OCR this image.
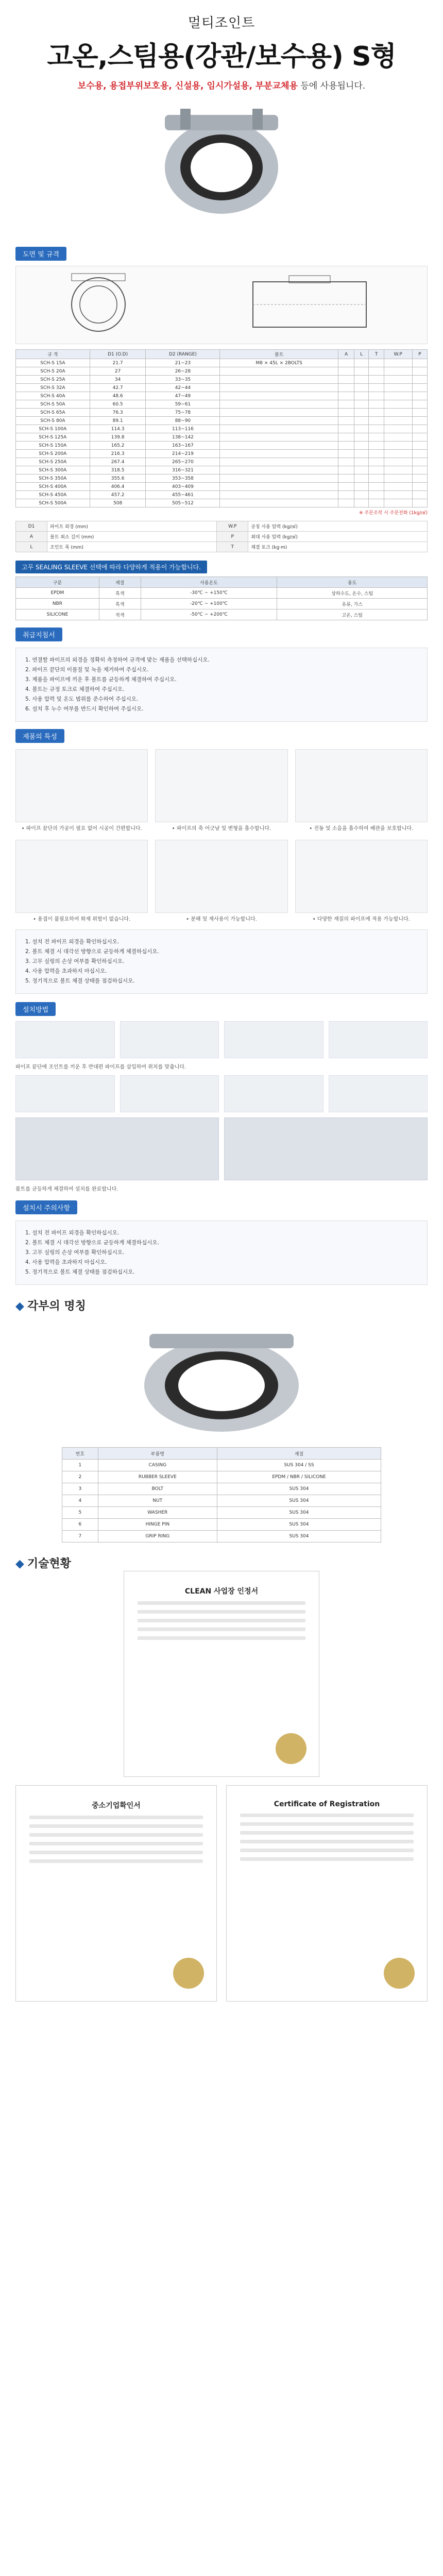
멀티조인트
고온,스팀용(강관/보수용) S형
보수용, 용접부위보호용, 신설용, 임시가설용, 부분교체용 등에 사용됩니다.
도면 및 규격
규 격	D1 (O.D)	D2 (RANGE)	볼트	A	L	T	W.P	P
SCH-S 15A	21.7	21~23	M8 × 45L × 2BOLTS					
SCH-S 20A	27	26~28						
SCH-S 25A	34	33~35						
SCH-S 32A	42.7	42~44						
SCH-S 40A	48.6	47~49						
SCH-S 50A	60.5	59~61						
SCH-S 65A	76.3	75~78						
SCH-S 80A	89.1	88~90						
SCH-S 100A	114.3	113~116						
SCH-S 125A	139.8	138~142						
SCH-S 150A	165.2	163~167						
SCH-S 200A	216.3	214~219						
SCH-S 250A	267.4	265~270						
SCH-S 300A	318.5	316~321						
SCH-S 350A	355.6	353~358						
SCH-S 400A	406.4	403~409						
SCH-S 450A	457.2	455~461						
SCH-S 500A	508	505~512						
※ 주문조작 시 주문전화 (1kg/㎠)
D1	파이프 외경 (mm)	W.P	공칭 사용 압력 (kg/㎠)
A	볼트 최소 길이 (mm)	P	최대 사용 압력 (kg/㎠)
L	조인트 폭 (mm)	T	체결 토크 (kg·m)
고무 SEALING SLEEVE 선택에 따라 다양하게 적용이 가능합니다.
구분	재질	사용온도	용도
EPDM	흑색	-30℃ ~ +150℃	상하수도, 온수, 스팀
NBR	흑색	-20℃ ~ +100℃	유류, 가스
SILICONE	적색	-50℃ ~ +200℃	고온, 스팀
취급지침서
1. 연결할 파이프의 외경을 정확히 측정하여 규격에 맞는 제품을 선택하십시오.
2. 파이프 끝단의 이물질 및 녹을 제거하여 주십시오.
3. 제품을 파이프에 끼운 후 볼트를 균등하게 체결하여 주십시오.
4. 볼트는 규정 토크로 체결하여 주십시오.
5. 사용 압력 및 온도 범위를 준수하여 주십시오.
6. 설치 후 누수 여부를 반드시 확인하여 주십시오.
제품의 특성
• 파이프 끝단의 가공이 필요 없어 시공이 간편합니다.	• 파이프의 축 어긋남 및 변형을 흡수합니다.	• 진동 및 소음을 흡수하여 배관을 보호합니다.
• 용접이 불필요하여 화재 위험이 없습니다.	• 분해 및 재사용이 가능합니다.	• 다양한 재질의 파이프에 적용 가능합니다.
1. 설치 전 파이프 외경을 확인하십시오.
2. 볼트 체결 시 대각선 방향으로 균등하게 체결하십시오.
3. 고무 실링의 손상 여부를 확인하십시오.
4. 사용 압력을 초과하지 마십시오.
5. 정기적으로 볼트 체결 상태를 점검하십시오.
설치방법
파이프 끝단에 조인트를 끼운 후 반대편 파이프를 삽입하여 위치를 맞춥니다.
볼트를 균등하게 체결하여 설치를 완료합니다.
설치시 주의사항
1. 설치 전 파이프 외경을 확인하십시오.
2. 볼트 체결 시 대각선 방향으로 균등하게 체결하십시오.
3. 고무 실링의 손상 여부를 확인하십시오.
4. 사용 압력을 초과하지 마십시오.
5. 정기적으로 볼트 체결 상태를 점검하십시오.
◆ 각부의 명칭
번호	부품명	재질
1	CASING	SUS 304 / SS
2	RUBBER SLEEVE	EPDM / NBR / SILICONE
3	BOLT	SUS 304
4	NUT	SUS 304
5	WASHER	SUS 304
6	HINGE PIN	SUS 304
7	GRIP RING	SUS 304
◆ 기술현황
CLEAN 사업장 인정서
중소기업확인서	Certificate of Registration
